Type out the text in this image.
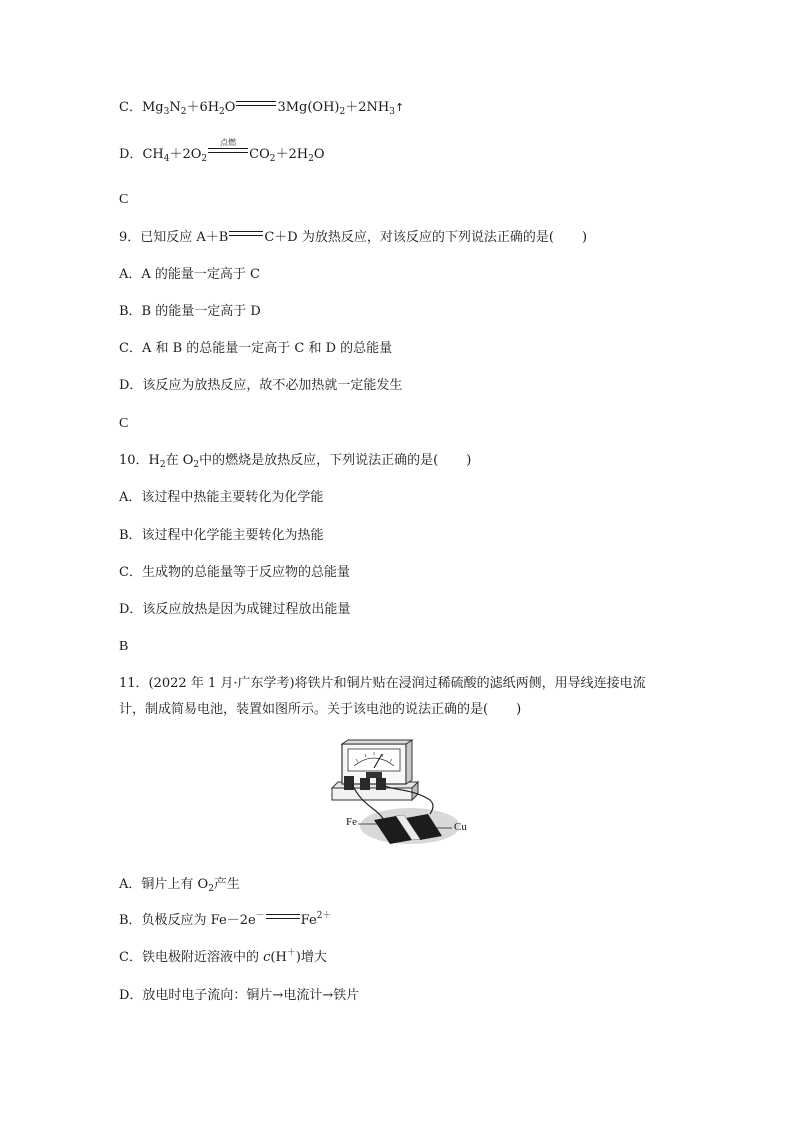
C．$Mg_3N_2+6H_2O$	$3Mg(OH)_2+2NH_3↑$
D．$CH_4+2O_2$
点燃
$CO_2+2H_2O$
C
9．已知反应 A＋B	C＋D 为放热反应，对该反应的下列说法正确的是( )
A．A 的能量一定高于 C
B．B 的能量一定高于 D
C．A 和 B 的总能量一定高于 C 和 D 的总能量
D．该反应为放热反应，故不必加热就一定能发生
C
10．$H_2$在 $O_2$中的燃烧是放热反应，下列说法正确的是( )
A．该过程中热能主要转化为化学能
B．该过程中化学能主要转化为热能
C．生成物的总能量等于反应物的总能量
D．该反应放热是因为成键过程放出能量
B
11．(2022 年 1 月·广东学考)将铁片和铜片贴在浸润过稀硫酸的滤纸两侧，用导线连接电流
计，制成简易电池，装置如图所示。关于该电池的说法正确的是( )
Fe	Cu
A．铜片上有 $O_2$产生
B．负极反应为 Fe－2e－	$Fe^{2+}$
C．铁电极附近溶液中的 c(H＋)增大
D．放电时电子流向：铜片→电流计→铁片
